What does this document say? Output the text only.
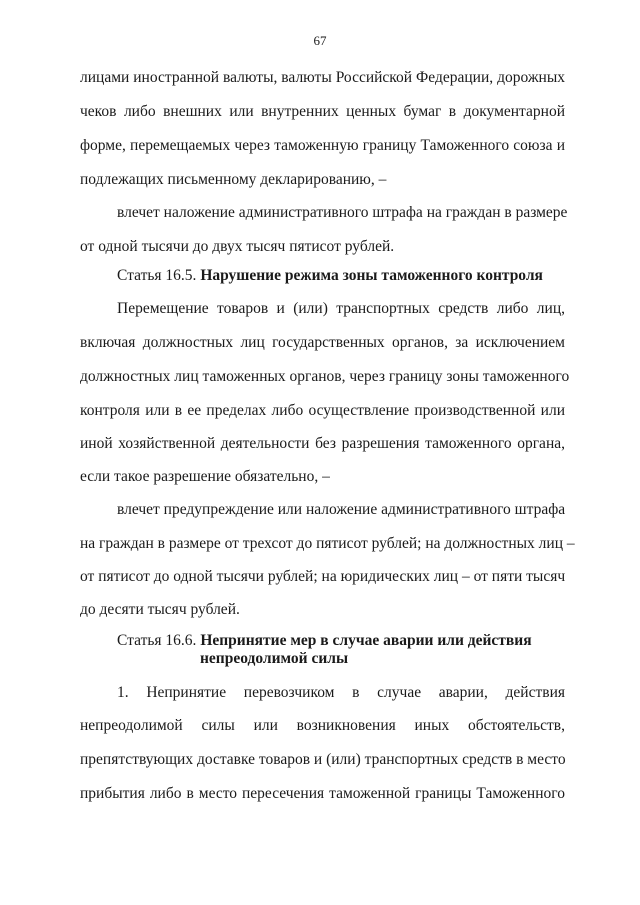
67
лицами иностранной валюты, валюты Российской Федерации, дорожных
чеков либо внешних или внутренних ценных бумаг в документарной
форме, перемещаемых через таможенную границу Таможенного союза и
подлежащих письменному декларированию, –
влечет наложение административного штрафа на граждан в размере
от одной тысячи до двух тысяч пятисот рублей.
Статья 16.5. Нарушение режима зоны таможенного контроля
Перемещение товаров и (или) транспортных средств либо лиц,
включая должностных лиц государственных органов, за исключением
должностных лиц таможенных органов, через границу зоны таможенного
контроля или в ее пределах либо осуществление производственной или
иной хозяйственной деятельности без разрешения таможенного органа,
если такое разрешение обязательно, –
влечет предупреждение или наложение административного штрафа
на граждан в размере от трехсот до пятисот рублей; на должностных лиц –
от пятисот до одной тысячи рублей; на юридических лиц – от пяти тысяч
до десяти тысяч рублей.
Статья 16.6. Непринятие мер в случае аварии или действия
непреодолимой силы
1. Непринятие перевозчиком в случае аварии, действия
непреодолимой силы или возникновения иных обстоятельств,
препятствующих доставке товаров и (или) транспортных средств в место
прибытия либо в место пересечения таможенной границы Таможенного
